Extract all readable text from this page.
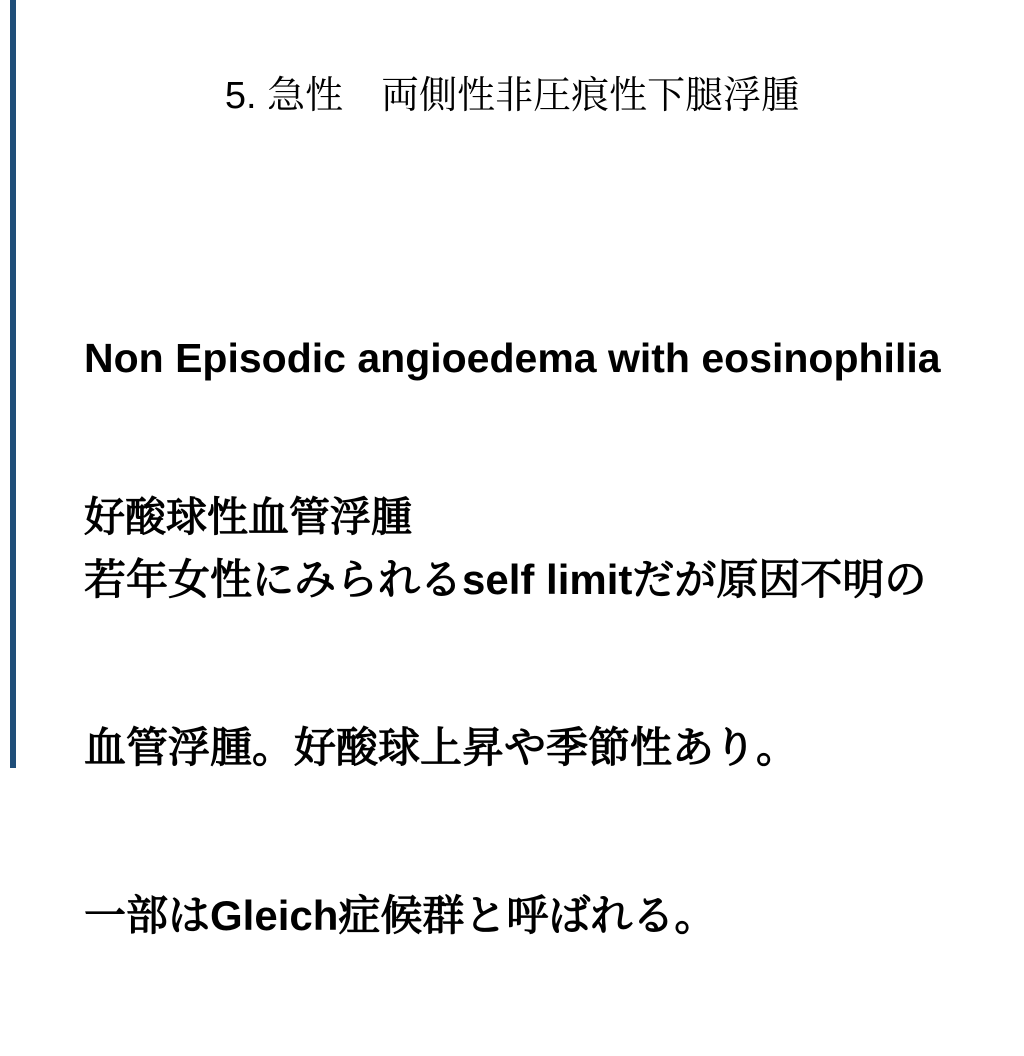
5. 急性　両側性非圧痕性下腿浮腫

Non Episodic angioedema with eosinophilia

好酸球性血管浮腫

若年女性にみられるself limitだが原因不明の

血管浮腫。好酸球上昇や季節性あり。

一部はGleich症候群と呼ばれる。
